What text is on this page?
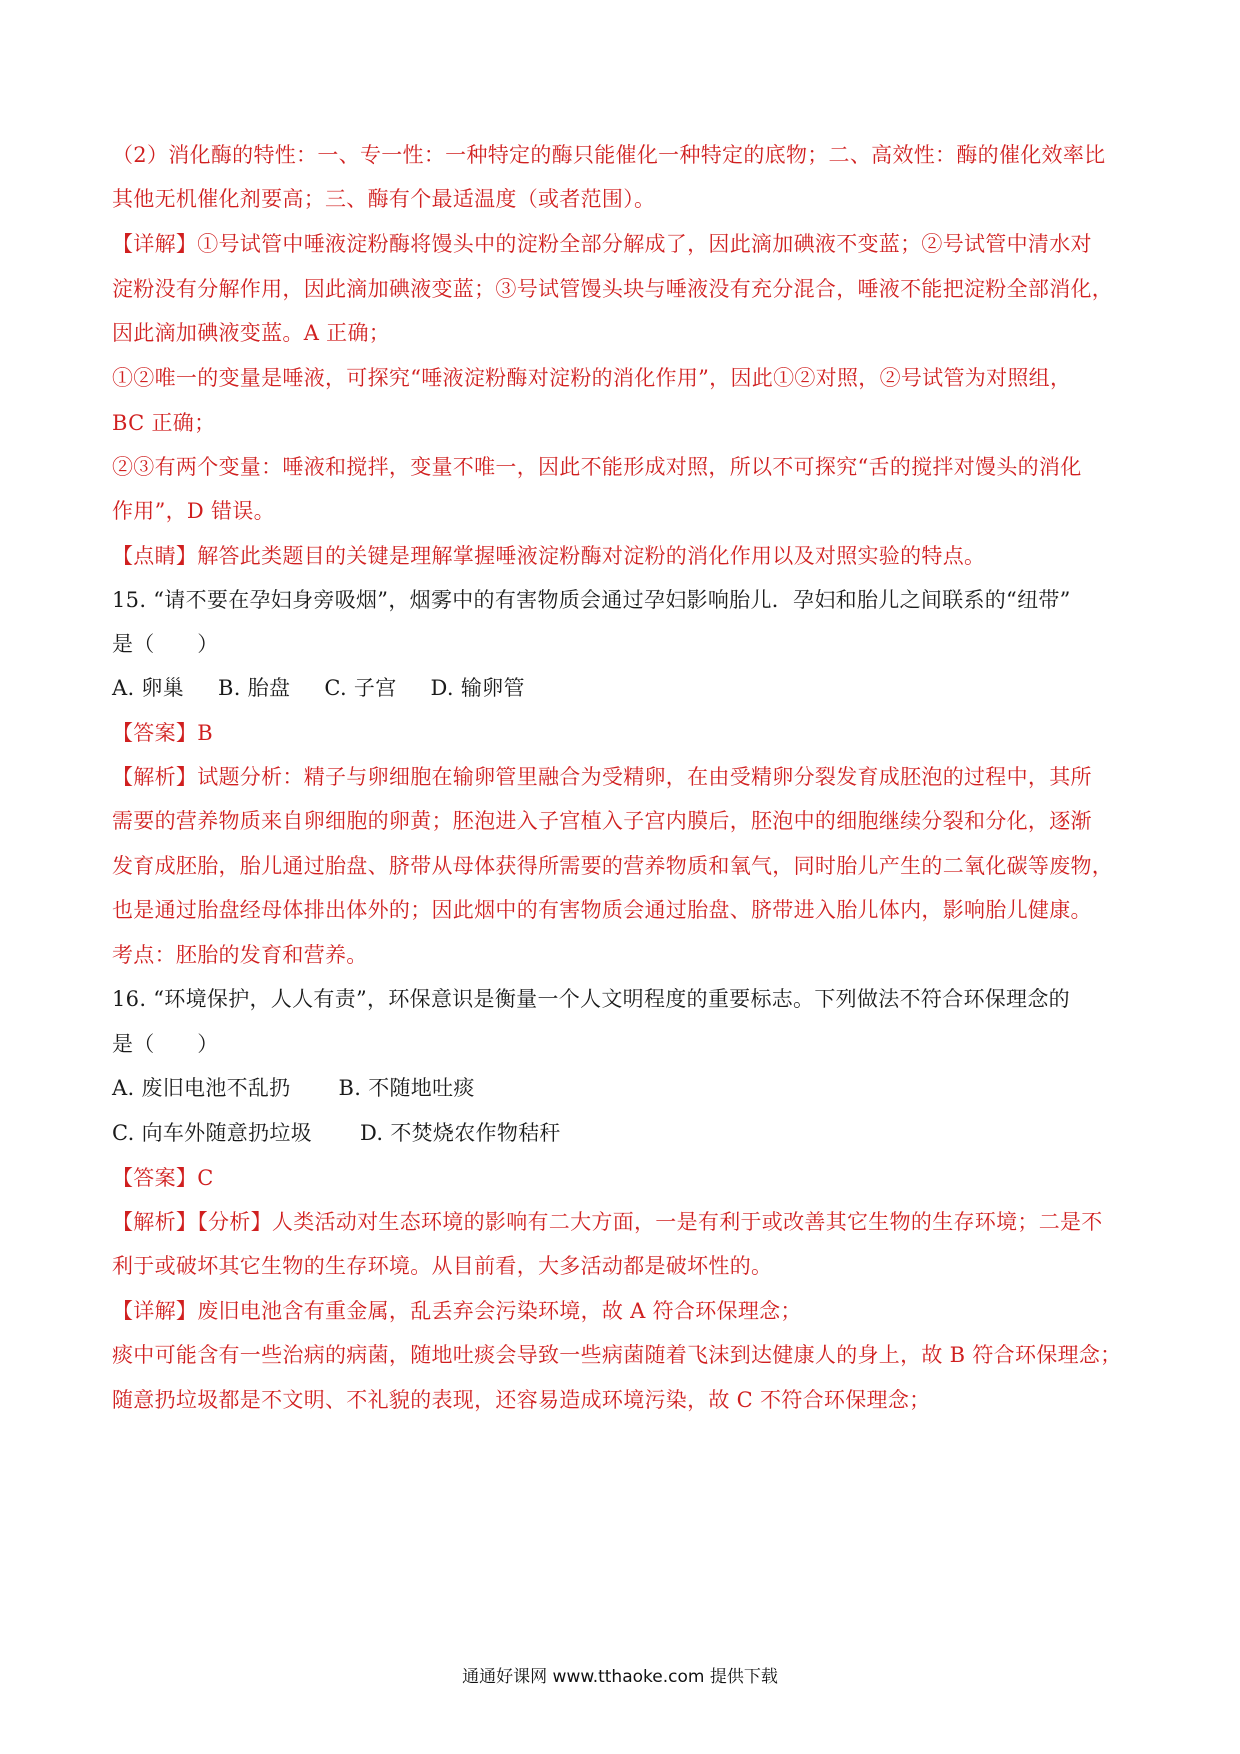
（2）消化酶的特性：一、专一性：一种特定的酶只能催化一种特定的底物；二、高效性：酶的催化效率比
其他无机催化剂要高；三、酶有个最适温度（或者范围）。
【详解】①号试管中唾液淀粉酶将馒头中的淀粉全部分解成了，因此滴加碘液不变蓝；②号试管中清水对
淀粉没有分解作用，因此滴加碘液变蓝；③号试管馒头块与唾液没有充分混合，唾液不能把淀粉全部消化，
因此滴加碘液变蓝。A 正确；
①②唯一的变量是唾液，可探究“唾液淀粉酶对淀粉的消化作用”，因此①②对照，②号试管为对照组，
BC 正确；
②③有两个变量：唾液和搅拌，变量不唯一，因此不能形成对照，所以不可探究“舌的搅拌对馒头的消化
作用”，D 错误。
【点睛】解答此类题目的关键是理解掌握唾液淀粉酶对淀粉的消化作用以及对照实验的特点。
15. “请不要在孕妇身旁吸烟”，烟雾中的有害物质会通过孕妇影响胎儿．孕妇和胎儿之间联系的“纽带”
是（　　）
A. 卵巢 B. 胎盘 C. 子宫 D. 输卵管
【答案】B
【解析】试题分析：精子与卵细胞在输卵管里融合为受精卵，在由受精卵分裂发育成胚泡的过程中，其所
需要的营养物质来自卵细胞的卵黄；胚泡进入子宫植入子宫内膜后，胚泡中的细胞继续分裂和分化，逐渐
发育成胚胎，胎儿通过胎盘、脐带从母体获得所需要的营养物质和氧气，同时胎儿产生的二氧化碳等废物，
也是通过胎盘经母体排出体外的；因此烟中的有害物质会通过胎盘、脐带进入胎儿体内，影响胎儿健康。
考点：胚胎的发育和营养。
16. “环境保护，人人有责”，环保意识是衡量一个人文明程度的重要标志。下列做法不符合环保理念的
是（　　）
A. 废旧电池不乱扔 B. 不随地吐痰
C. 向车外随意扔垃圾 D. 不焚烧农作物秸秆
【答案】C
【解析】【分析】人类活动对生态环境的影响有二大方面，一是有利于或改善其它生物的生存环境；二是不
利于或破坏其它生物的生存环境。从目前看，大多活动都是破坏性的。
【详解】废旧电池含有重金属，乱丢弃会污染环境，故 A 符合环保理念；
痰中可能含有一些治病的病菌，随地吐痰会导致一些病菌随着飞沫到达健康人的身上，故 B 符合环保理念；
随意扔垃圾都是不文明、不礼貌的表现，还容易造成环境污染，故 C 不符合环保理念；
通通好课网 www.tthaoke.com 提供下载
